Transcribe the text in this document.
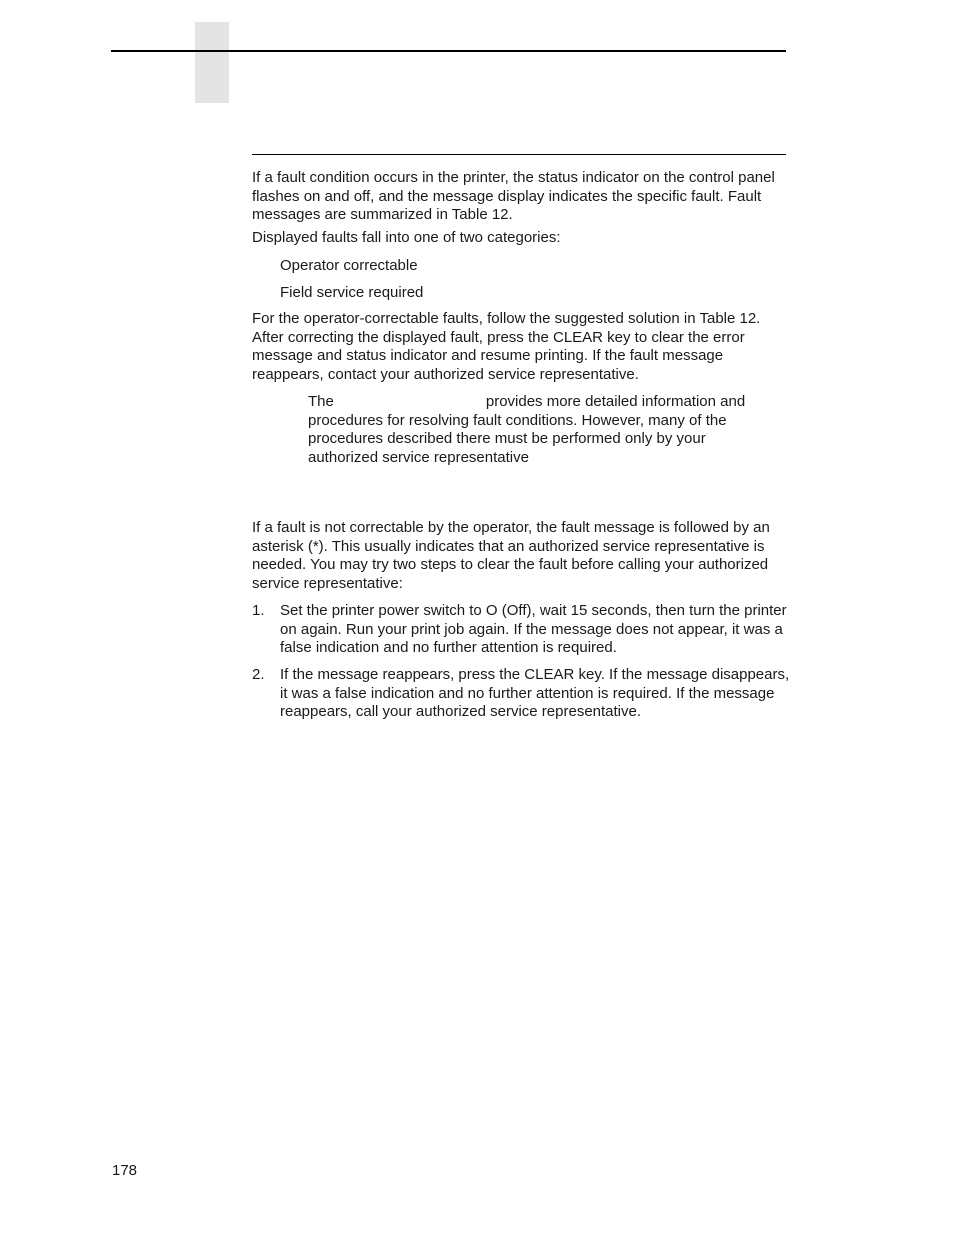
If a fault condition occurs in the printer, the status indicator on the control panel flashes on and off, and the message display indicates the specific fault. Fault messages are summarized in Table 12.

Displayed faults fall into one of two categories:

Operator correctable

Field service required

For the operator-correctable faults, follow the suggested solution in Table 12. After correcting the displayed fault, press the CLEAR key to clear the error message and status indicator and resume printing. If the fault message reappears, contact your authorized service representative.

The	provides more detailed information and procedures for resolving fault conditions. However, many of the procedures described there must be performed only by your authorized service representative

If a fault is not correctable by the operator, the fault message is followed by an asterisk (*). This usually indicates that an authorized service representative is needed. You may try two steps to clear the fault before calling your authorized service representative:

1. Set the printer power switch to O (Off), wait 15 seconds, then turn the printer on again. Run your print job again. If the message does not appear, it was a false indication and no further attention is required.
2. If the message reappears, press the CLEAR key. If the message disappears, it was a false indication and no further attention is required. If the message reappears, call your authorized service representative.
178
